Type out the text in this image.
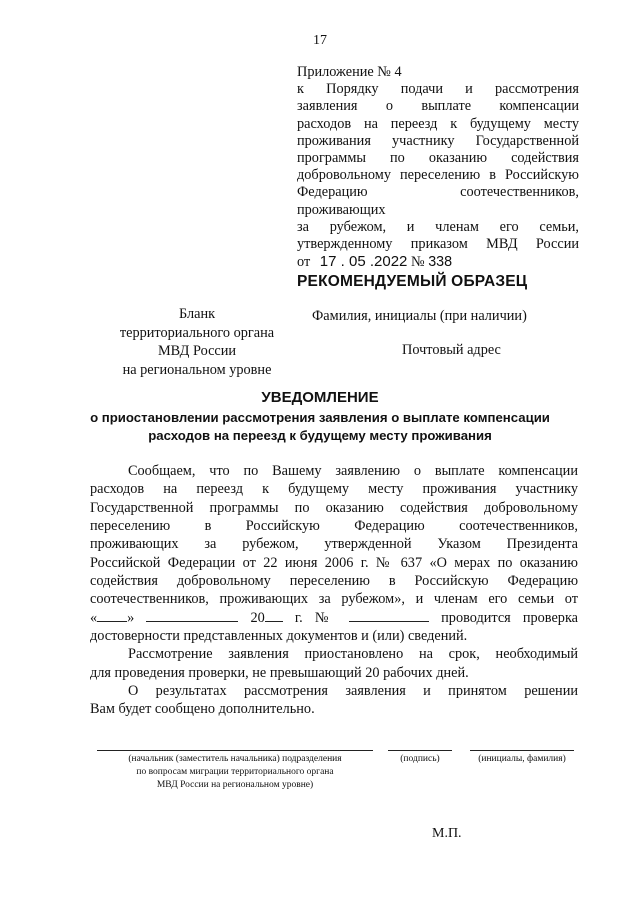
17
Приложение № 4
к Порядку подачи и рассмотрения
заявления о выплате компенсации
расходов на переезд к будущему месту
проживания участнику Государственной
программы по оказанию содействия
добровольному переселению в Российскую
Федерацию соотечественников, проживающих
за рубежом, и членам его семьи,
утвержденному приказом МВД России
от 17 . 05 .2022 № 338
РЕКОМЕНДУЕМЫЙ ОБРАЗЕЦ
Бланк
территориального органа
МВД России
на региональном уровне
Фамилия, инициалы (при наличии)
Почтовый адрес
УВЕДОМЛЕНИЕ
о приостановлении рассмотрения заявления о выплате компенсации
расходов на переезд к будущему месту проживания
Сообщаем, что по Вашему заявлению о выплате компенсации
расходов на переезд к будущему месту проживания участнику
Государственной программы по оказанию содействия добровольному
переселению в Российскую Федерацию соотечественников,
проживающих за рубежом, утвержденной Указом Президента
Российской Федерации от 22 июня 2006 г. № 637 «О мерах по оказанию
содействия добровольному переселению в Российскую Федерацию
соотечественников, проживающих за рубежом», и членам его семьи от
« »	20 г. №	проводится проверка
достоверности представленных документов и (или) сведений.
Рассмотрение заявления приостановлено на срок, необходимый
для проведения проверки, не превышающий 20 рабочих дней.
О результатах рассмотрения заявления и принятом решении
Вам будет сообщено дополнительно.
(начальник (заместитель начальника) подразделения
по вопросам миграции территориального органа
МВД России на региональном уровне)
(подпись)	(инициалы, фамилия)
М.П.
